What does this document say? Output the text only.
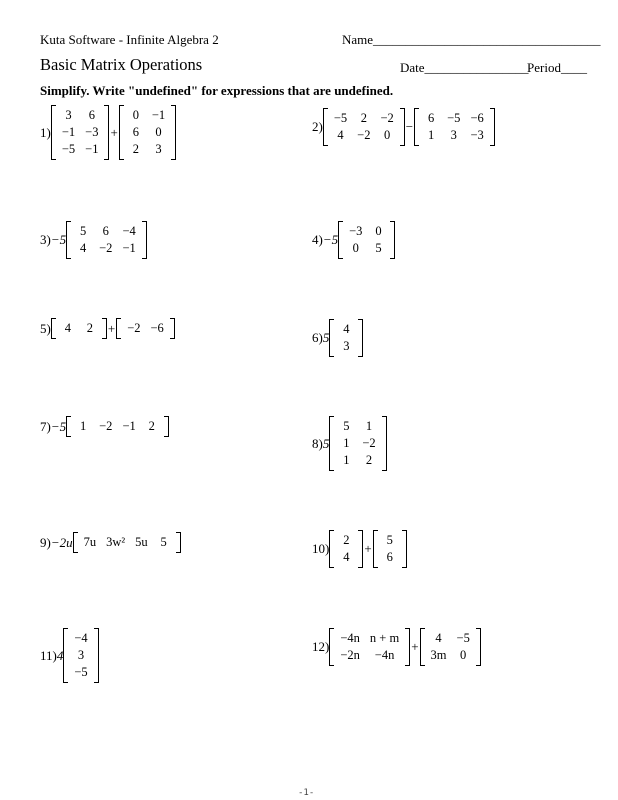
Kuta Software - Infinite Algebra 2	Name___________________________________
Basic Matrix Operations	Date________________
Period____
Simplify. Write "undefined" for expressions that are undefined.
1)
3	6
−1	−3
−5	−1
+
0	−1
6	0
2	3
2)
−5	2	−2
4	−2	0
−
6	−5	−6
1	3	−3
3) −5
5	6	−4
4	−2	−1
4) −5
−3	0
0	5
5) 4	2 + −2	−6
6) 5
4
3
7) −5 1	−2	−1	2
8) 5
5	1
1	−2
1	2
9) −2u 7u	3w²	5u	5	10)
2
4
+
5
6
11) 4
−4
3
−5
12)
−4n	n + m
−2n	−4n
+
4	−5
3m	0
-1-
